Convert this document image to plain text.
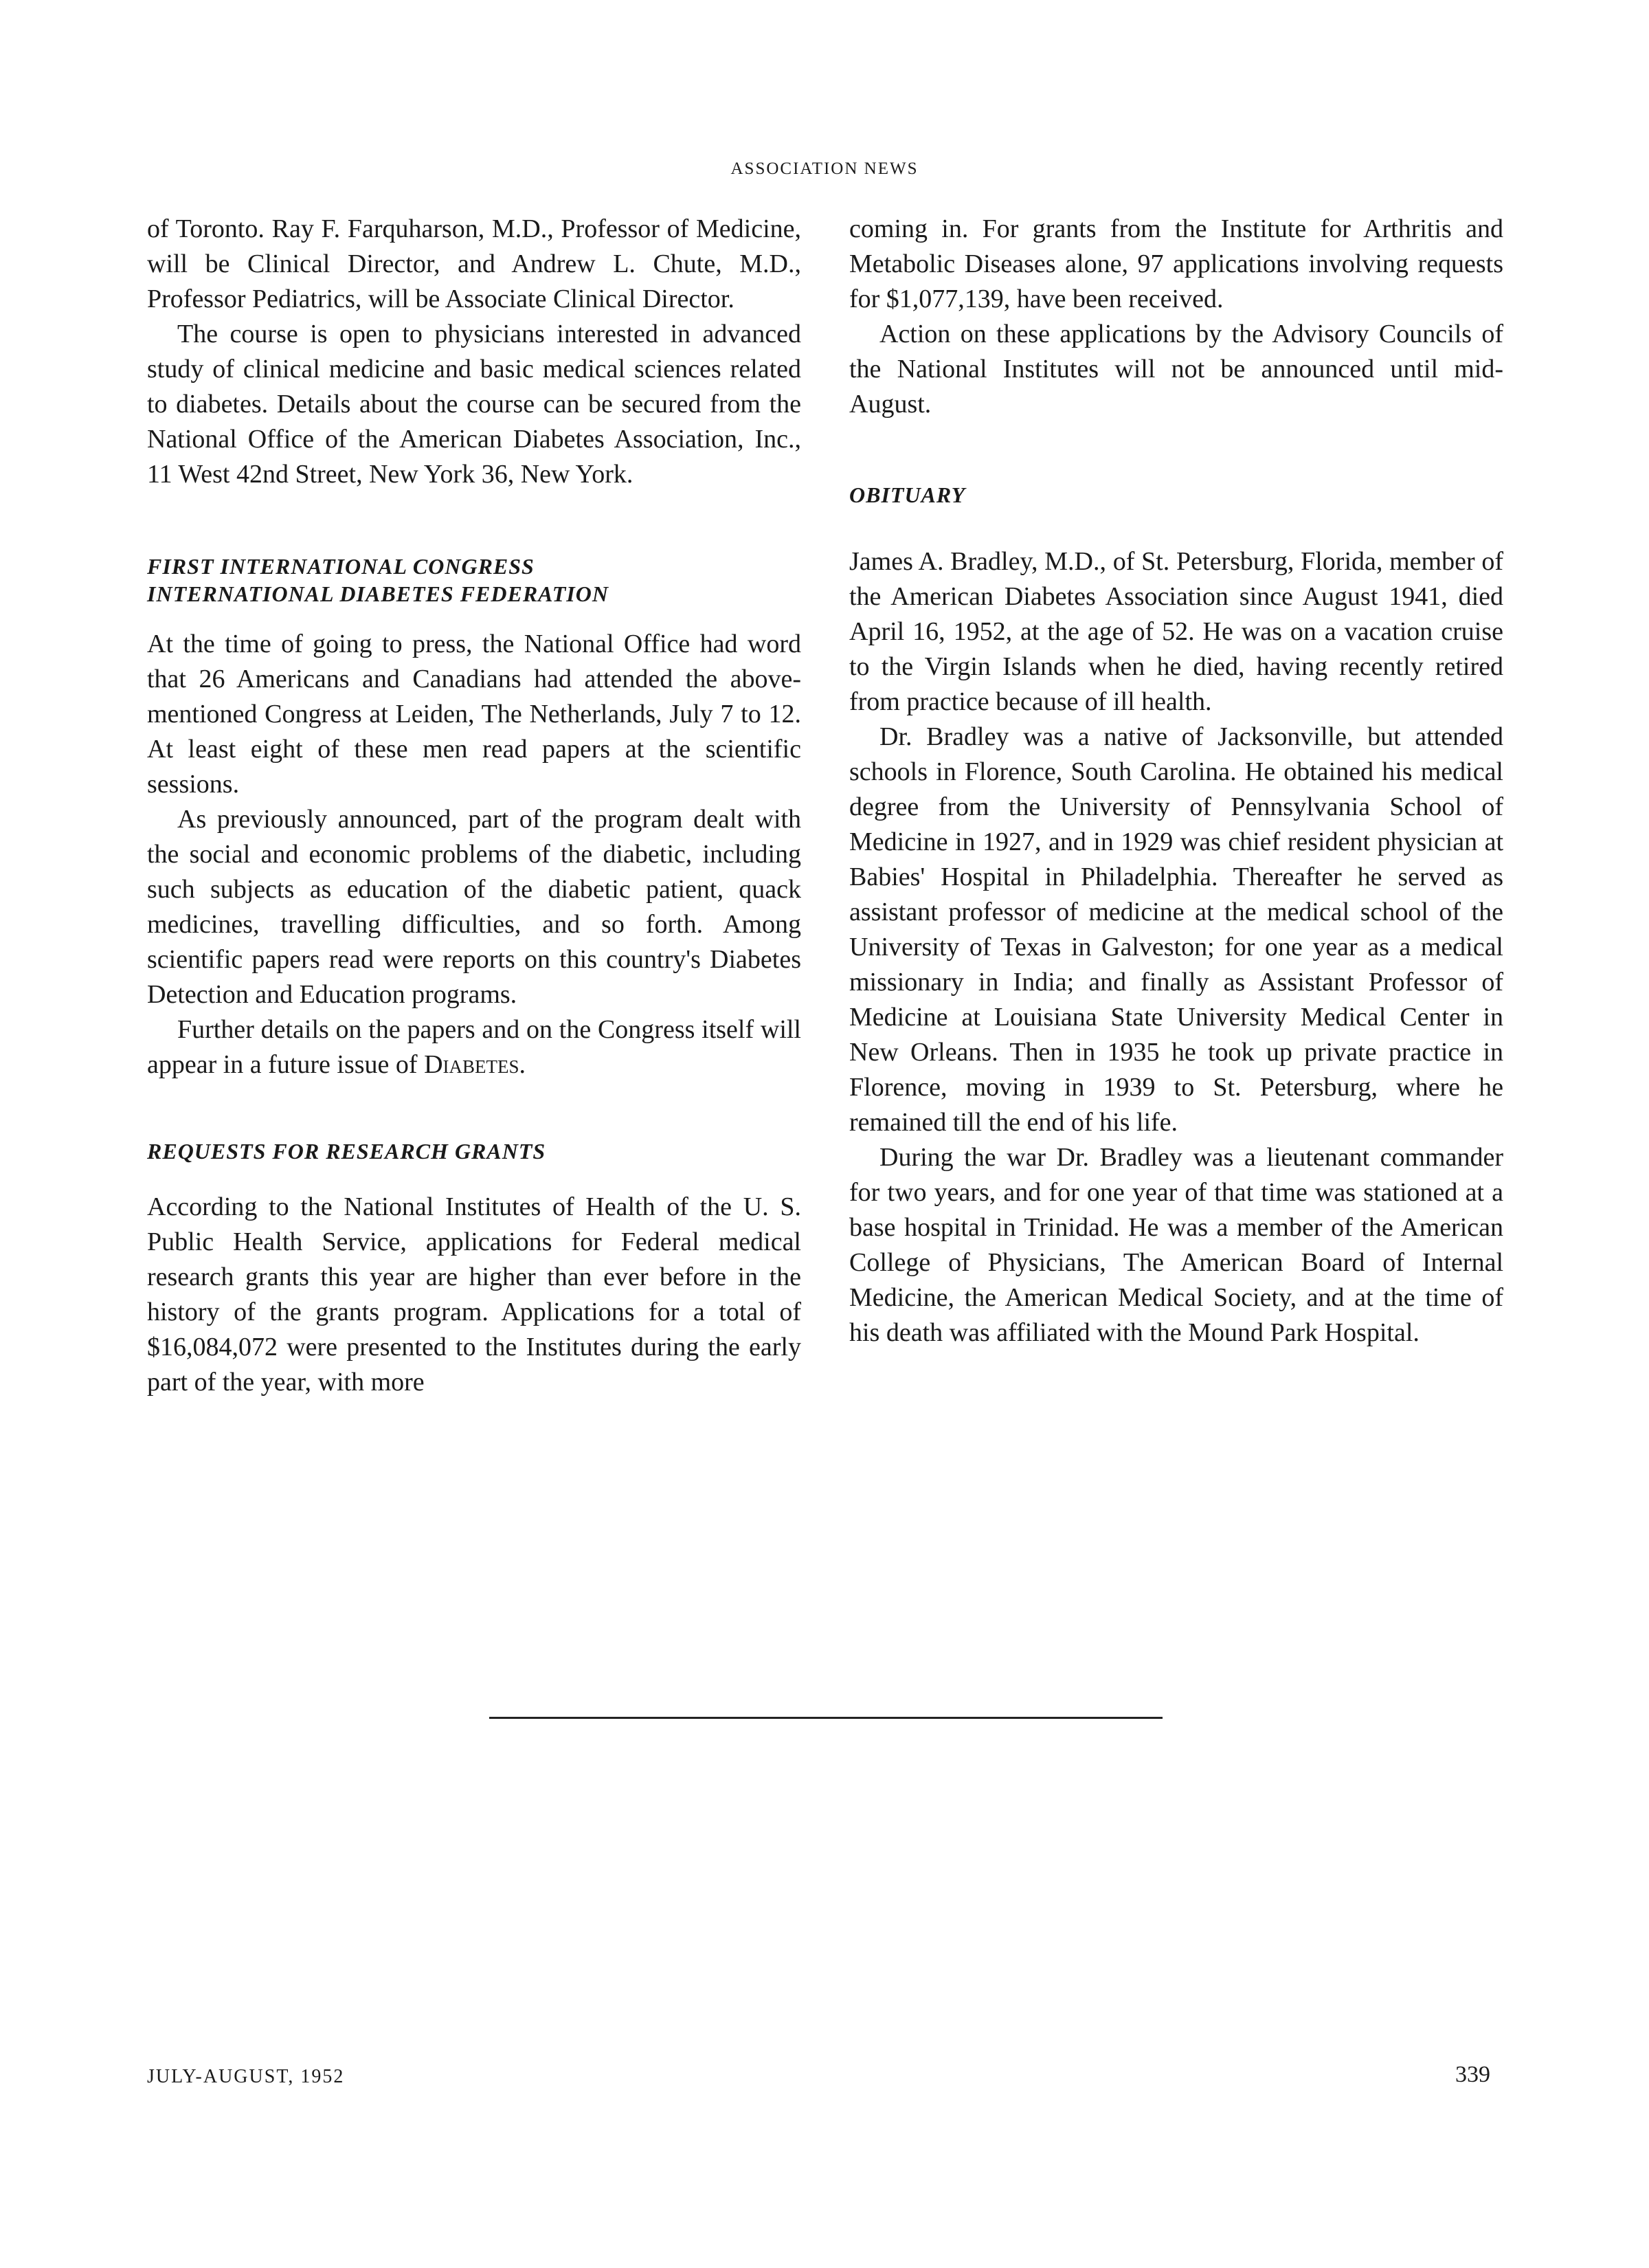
ASSOCIATION NEWS

of Toronto. Ray F. Farquharson, M.D., Professor of Medicine, will be Clinical Director, and Andrew L. Chute, M.D., Professor Pediatrics, will be Associate Clinical Director.

The course is open to physicians interested in advanced study of clinical medicine and basic medical sciences related to diabetes. Details about the course can be secured from the National Office of the American Diabetes Association, Inc., 11 West 42nd Street, New York 36, New York.

FIRST INTERNATIONAL CONGRESS

INTERNATIONAL DIABETES FEDERATION

At the time of going to press, the National Office had word that 26 Americans and Canadians had attended the above-mentioned Congress at Leiden, The Netherlands, July 7 to 12. At least eight of these men read papers at the scientific sessions.

As previously announced, part of the program dealt with the social and economic problems of the diabetic, including such subjects as education of the diabetic patient, quack medicines, travelling difficulties, and so forth. Among scientific papers read were reports on this country's Diabetes Detection and Education programs.

Further details on the papers and on the Congress itself will appear in a future issue of Diabetes.

REQUESTS FOR RESEARCH GRANTS

According to the National Institutes of Health of the U. S. Public Health Service, applications for Federal medical research grants this year are higher than ever before in the history of the grants program. Applications for a total of $16,084,072 were presented to the Institutes during the early part of the year, with more

coming in. For grants from the Institute for Arthritis and Metabolic Diseases alone, 97 applications involving requests for $1,077,139, have been received.

Action on these applications by the Advisory Councils of the National Institutes will not be announced until mid-August.

OBITUARY

James A. Bradley, M.D., of St. Petersburg, Florida, member of the American Diabetes Association since August 1941, died April 16, 1952, at the age of 52. He was on a vacation cruise to the Virgin Islands when he died, having recently retired from practice because of ill health.

Dr. Bradley was a native of Jacksonville, but attended schools in Florence, South Carolina. He obtained his medical degree from the University of Pennsylvania School of Medicine in 1927, and in 1929 was chief resident physician at Babies' Hospital in Philadelphia. Thereafter he served as assistant professor of medicine at the medical school of the University of Texas in Galveston; for one year as a medical missionary in India; and finally as Assistant Professor of Medicine at Louisiana State University Medical Center in New Orleans. Then in 1935 he took up private practice in Florence, moving in 1939 to St. Petersburg, where he remained till the end of his life.

During the war Dr. Bradley was a lieutenant commander for two years, and for one year of that time was stationed at a base hospital in Trinidad. He was a member of the American College of Physicians, The American Board of Internal Medicine, the American Medical Society, and at the time of his death was affiliated with the Mound Park Hospital.

JULY-AUGUST, 1952	339
